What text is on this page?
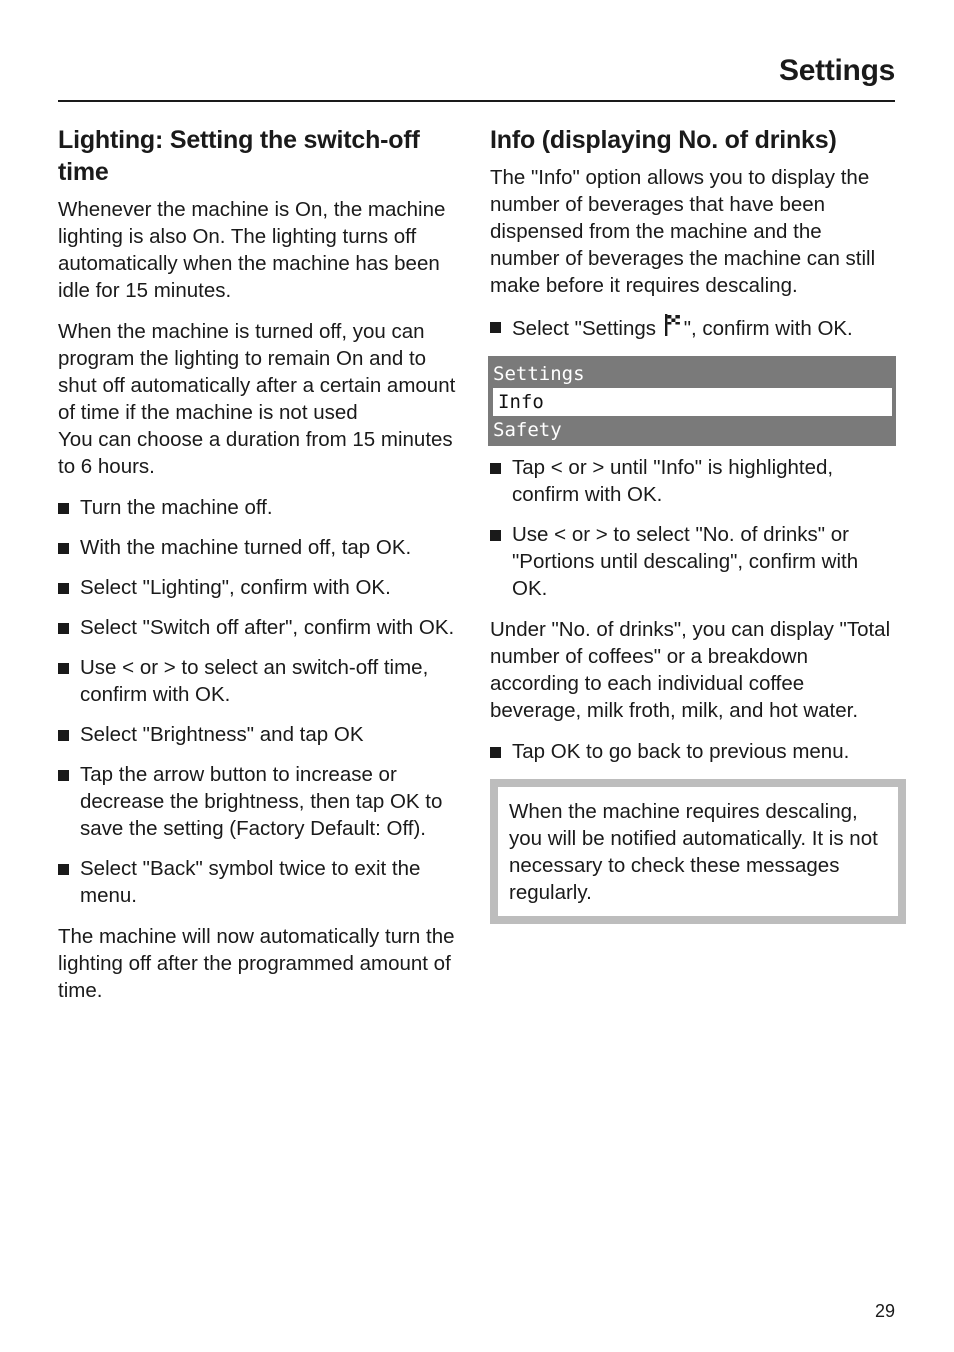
Settings
Lighting: Setting the switch-off time

Whenever the machine is On, the machine lighting is also On. The lighting turns off automatically when the machine has been idle for 15 minutes.

When the machine is turned off, you can program the lighting to remain On and to shut off automatically after a certain amount of time if the machine is not used
You can choose a duration from 15 minutes to 6 hours.

Turn the machine off.
With the machine turned off, tap OK.
Select "Lighting", confirm with OK.
Select "Switch off after", confirm with OK.
Use < or > to select an switch-off time, confirm with OK.
Select "Brightness" and tap OK
Tap the arrow button to increase or decrease the brightness, then tap OK to save the setting (Factory Default: Off).
Select "Back" symbol twice to exit the menu.

The machine will now automatically turn the lighting off after the programmed amount of time.

Info (displaying No. of drinks)

The "Info" option allows you to display the number of beverages that have been dispensed from the machine and the number of beverages the machine can still make before it requires descaling.

Select "Settings ", confirm with OK.
Settings
Info
Safety
Tap < or > until "Info" is highlighted, confirm with OK.
Use < or > to select "No. of drinks" or "Portions until descaling", confirm with OK.

Under "No. of drinks", you can display "Total number of coffees" or a breakdown according to each individual coffee beverage, milk froth, milk, and hot water.

Tap OK to go back to previous menu.

When the machine requires descaling, you will be notified automatically. It is not necessary to check these messages regularly.

29
